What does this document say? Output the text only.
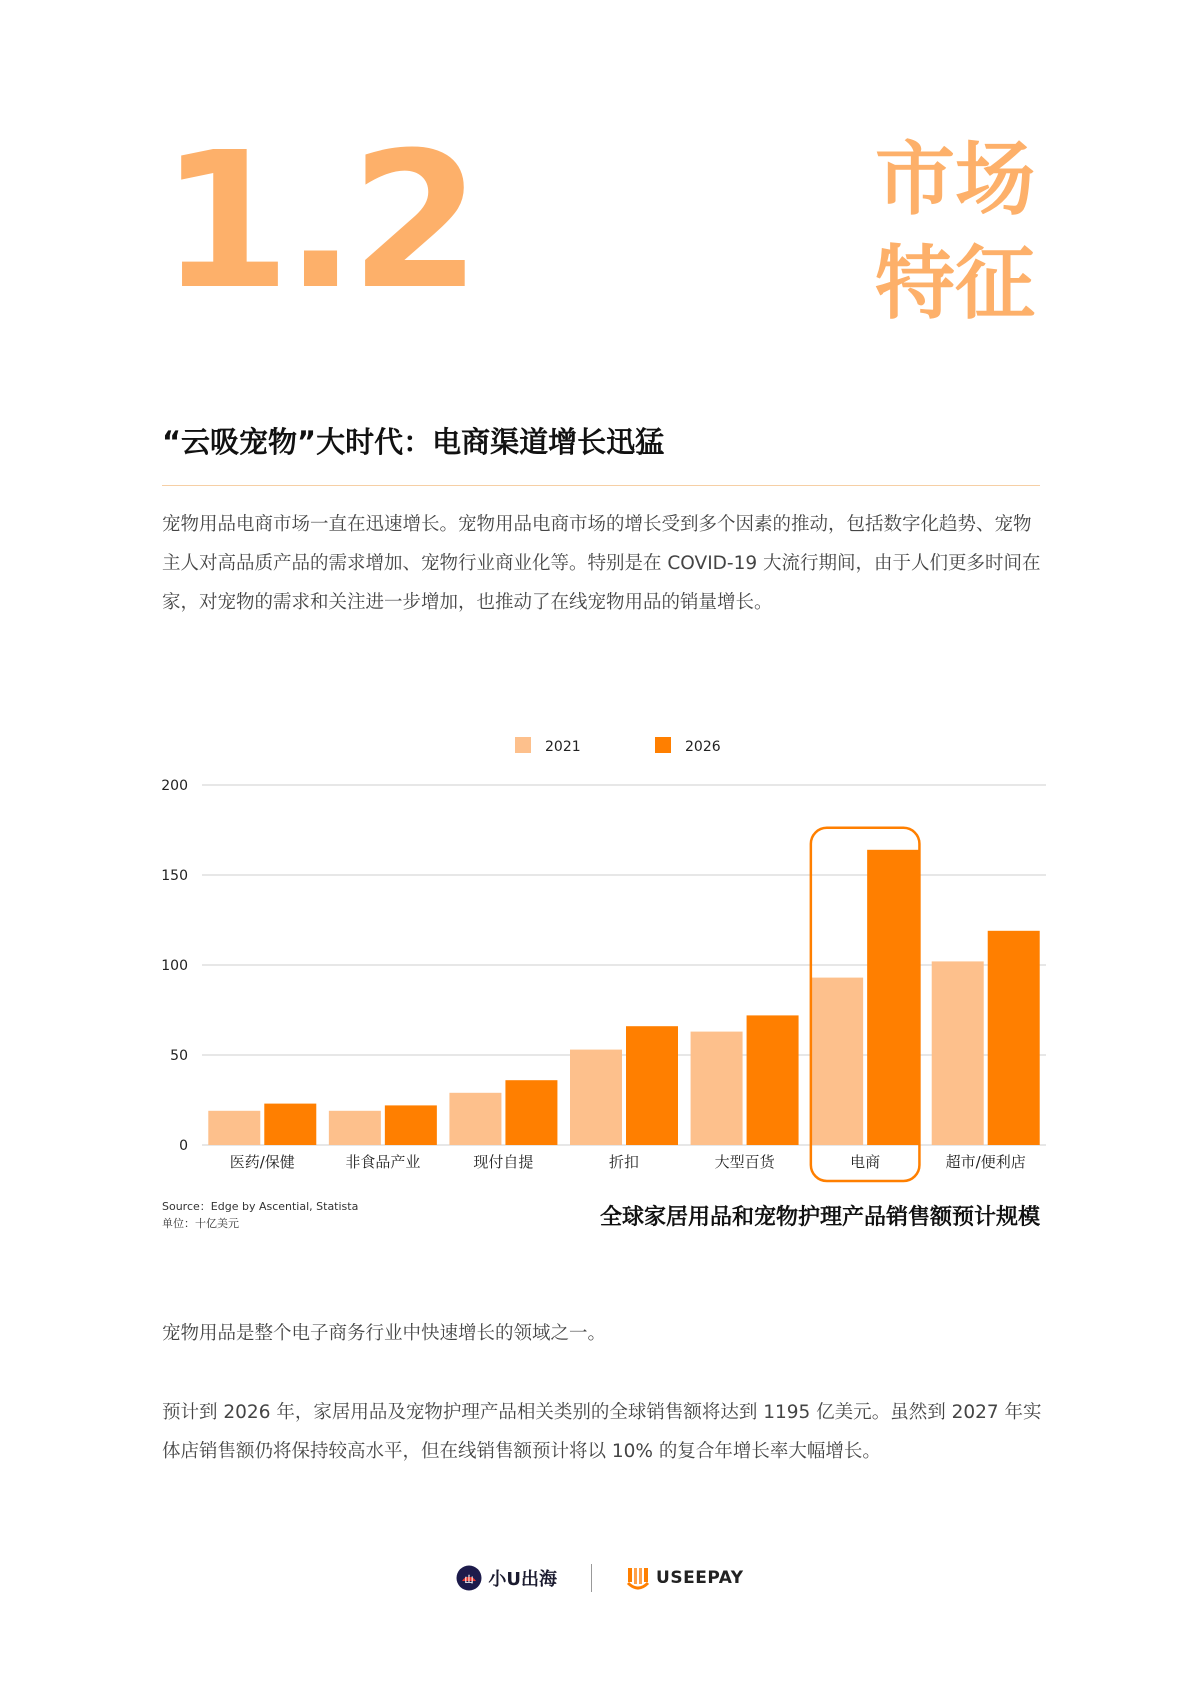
1.2	市场
特征
“云吸宠物”大时代：电商渠道增长迅猛

宠物用品电商市场一直在迅速增长。宠物用品电商市场的增长受到多个因素的推动，包括数字化趋势、宠物主人对高品质产品的需求增加、宠物行业商业化等。特别是在 COVID-19 大流行期间，由于人们更多时间在家，对宠物的需求和关注进一步增加，也推动了在线宠物用品的销量增长。

0
50
100
150
200
医药/保健	非食品产业	现付自提	折扣	大型百货	电商	超市/便利店
2021	2026
Source：Edge by Ascential, Statista
单位：十亿美元	全球家居用品和宠物护理产品销售额预计规模

宠物用品是整个电子商务行业中快速增长的领域之一。

预计到 2026 年，家居用品及宠物护理产品相关类别的全球销售额将达到 1195 亿美元。虽然到 2027 年实体店销售额仍将保持较高水平，但在线销售额预计将以 10% 的复合年增长率大幅增长。

山 小U出海	USEEPAY
